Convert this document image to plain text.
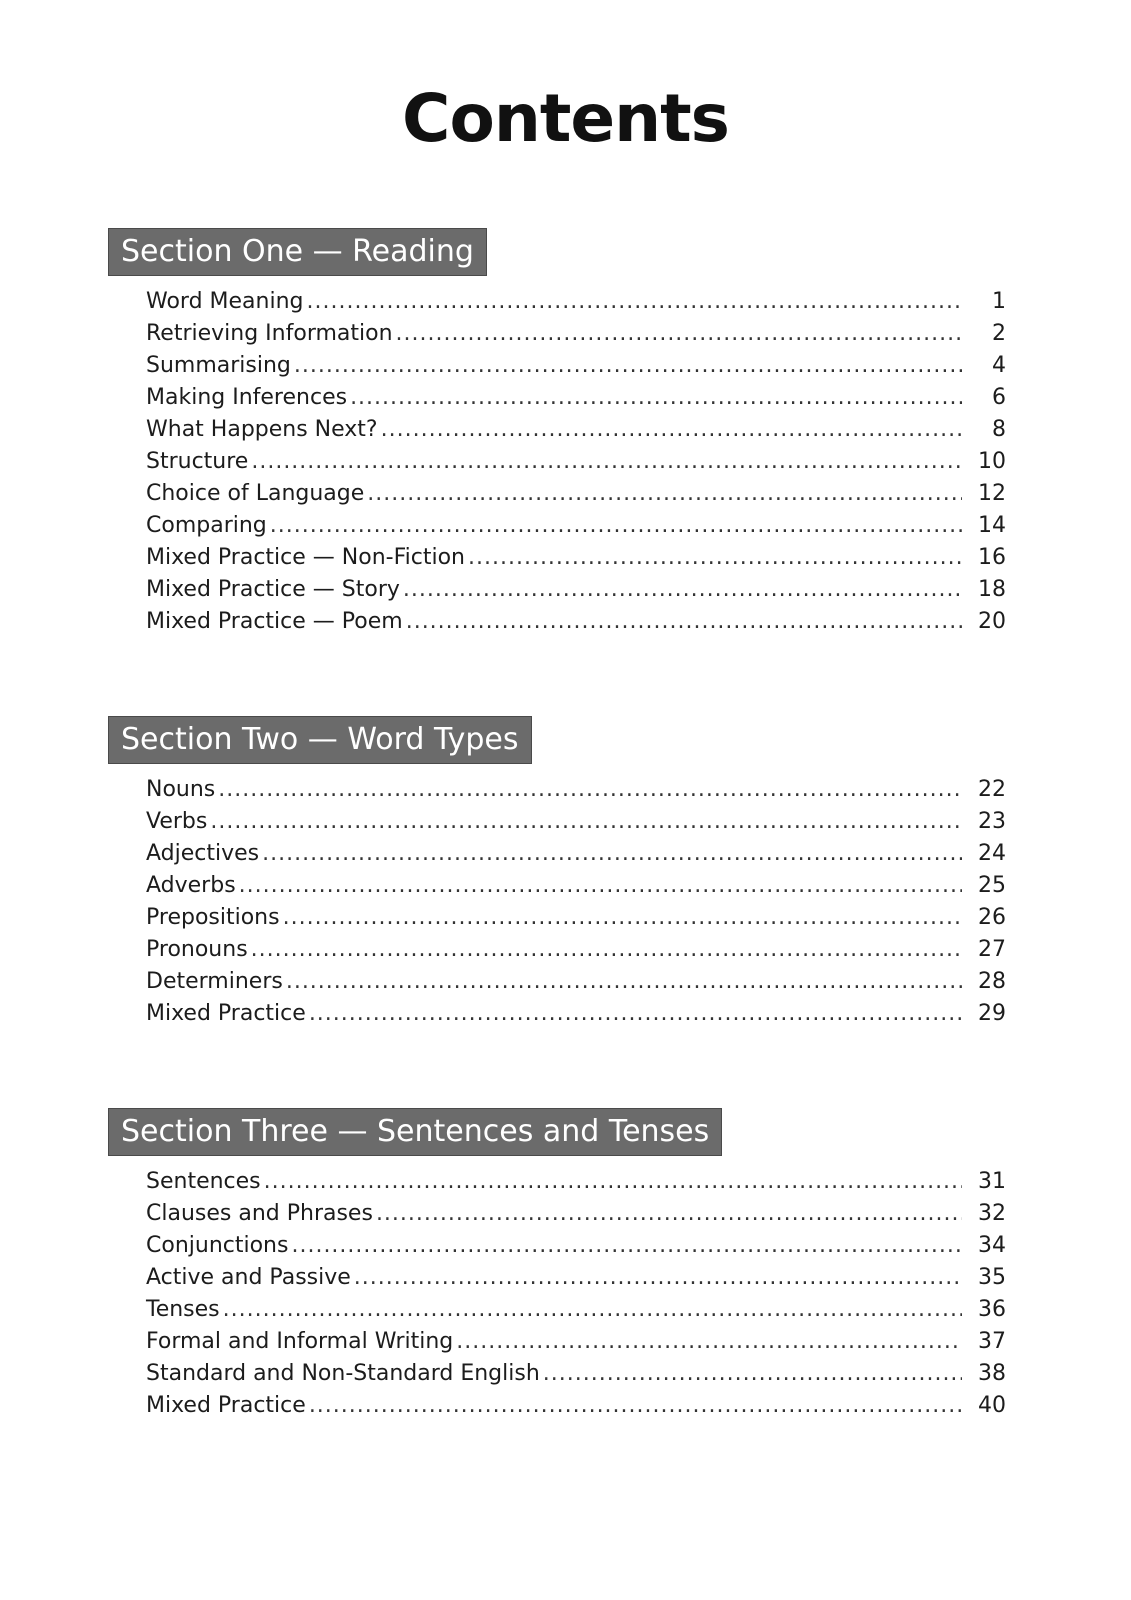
Contents
Section One — Reading
Word Meaning .....	1
Retrieving Information .....	2
Summarising .....	4
Making Inferences .....	6
What Happens Next? .....	8
Structure .....	10
Choice of Language .....	12
Comparing .....	14
Mixed Practice — Non-Fiction .....	16
Mixed Practice — Story .....	18
Mixed Practice — Poem .....	20
Section Two — Word Types
Nouns .....	22
Verbs .....	23
Adjectives .....	24
Adverbs .....	25
Prepositions .....	26
Pronouns .....	27
Determiners .....	28
Mixed Practice .....	29
Section Three — Sentences and Tenses
Sentences .....	31
Clauses and Phrases .....	32
Conjunctions .....	34
Active and Passive .....	35
Tenses .....	36
Formal and Informal Writing .....	37
Standard and Non-Standard English .....	38
Mixed Practice .....	40
